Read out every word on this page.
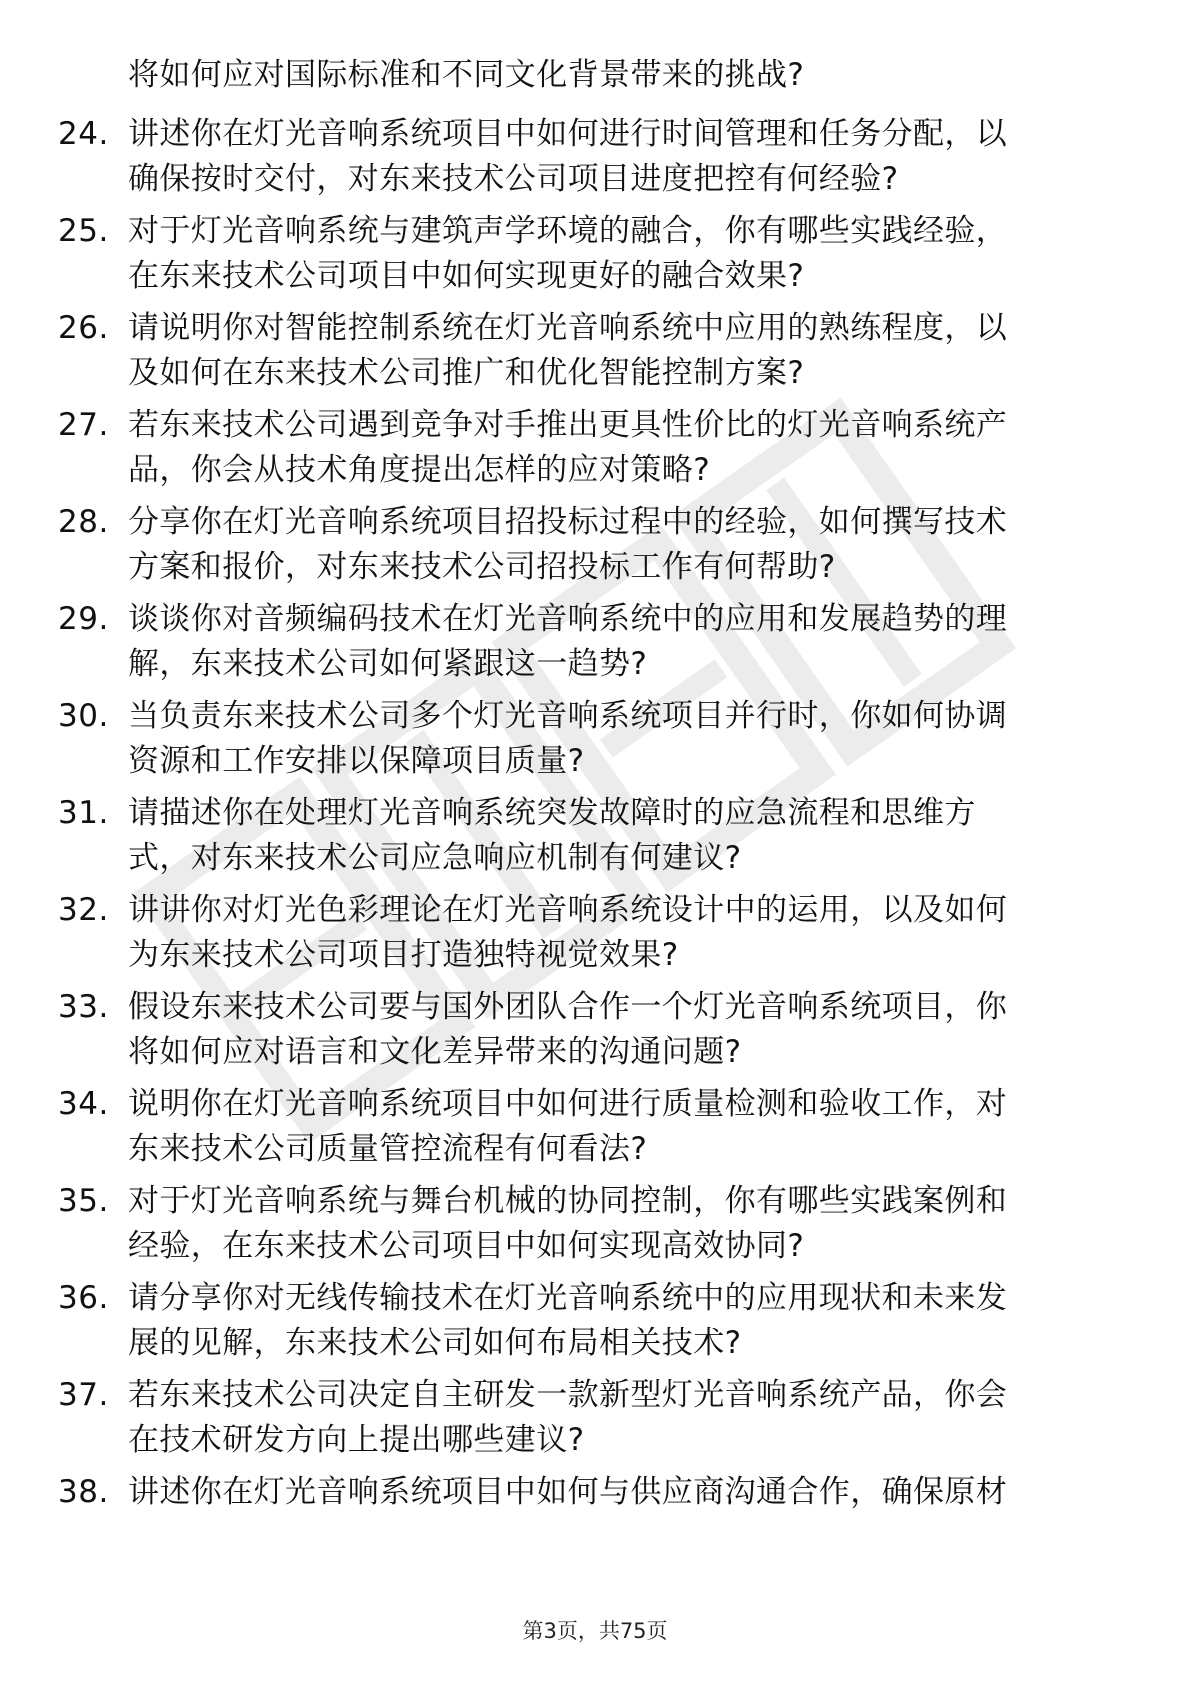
将如何应对国际标准和不同文化背景带来的挑战?
24. 讲述你在灯光音响系统项目中如何进行时间管理和任务分配，以
确保按时交付，对东来技术公司项目进度把控有何经验?
25. 对于灯光音响系统与建筑声学环境的融合，你有哪些实践经验，
在东来技术公司项目中如何实现更好的融合效果?
26. 请说明你对智能控制系统在灯光音响系统中应用的熟练程度，以
及如何在东来技术公司推广和优化智能控制方案?
27. 若东来技术公司遇到竞争对手推出更具性价比的灯光音响系统产
品，你会从技术角度提出怎样的应对策略?
28. 分享你在灯光音响系统项目招投标过程中的经验，如何撰写技术
方案和报价，对东来技术公司招投标工作有何帮助?
29. 谈谈你对音频编码技术在灯光音响系统中的应用和发展趋势的理
解，东来技术公司如何紧跟这一趋势?
30. 当负责东来技术公司多个灯光音响系统项目并行时，你如何协调
资源和工作安排以保障项目质量?
31. 请描述你在处理灯光音响系统突发故障时的应急流程和思维方
式，对东来技术公司应急响应机制有何建议?
32. 讲讲你对灯光色彩理论在灯光音响系统设计中的运用，以及如何
为东来技术公司项目打造独特视觉效果?
33. 假设东来技术公司要与国外团队合作一个灯光音响系统项目，你
将如何应对语言和文化差异带来的沟通问题?
34. 说明你在灯光音响系统项目中如何进行质量检测和验收工作，对
东来技术公司质量管控流程有何看法?
35. 对于灯光音响系统与舞台机械的协同控制，你有哪些实践案例和
经验，在东来技术公司项目中如何实现高效协同?
36. 请分享你对无线传输技术在灯光音响系统中的应用现状和未来发
展的见解，东来技术公司如何布局相关技术?
37. 若东来技术公司决定自主研发一款新型灯光音响系统产品，你会
在技术研发方向上提出哪些建议?
38. 讲述你在灯光音响系统项目中如何与供应商沟通合作，确保原材
第3页，共75页
